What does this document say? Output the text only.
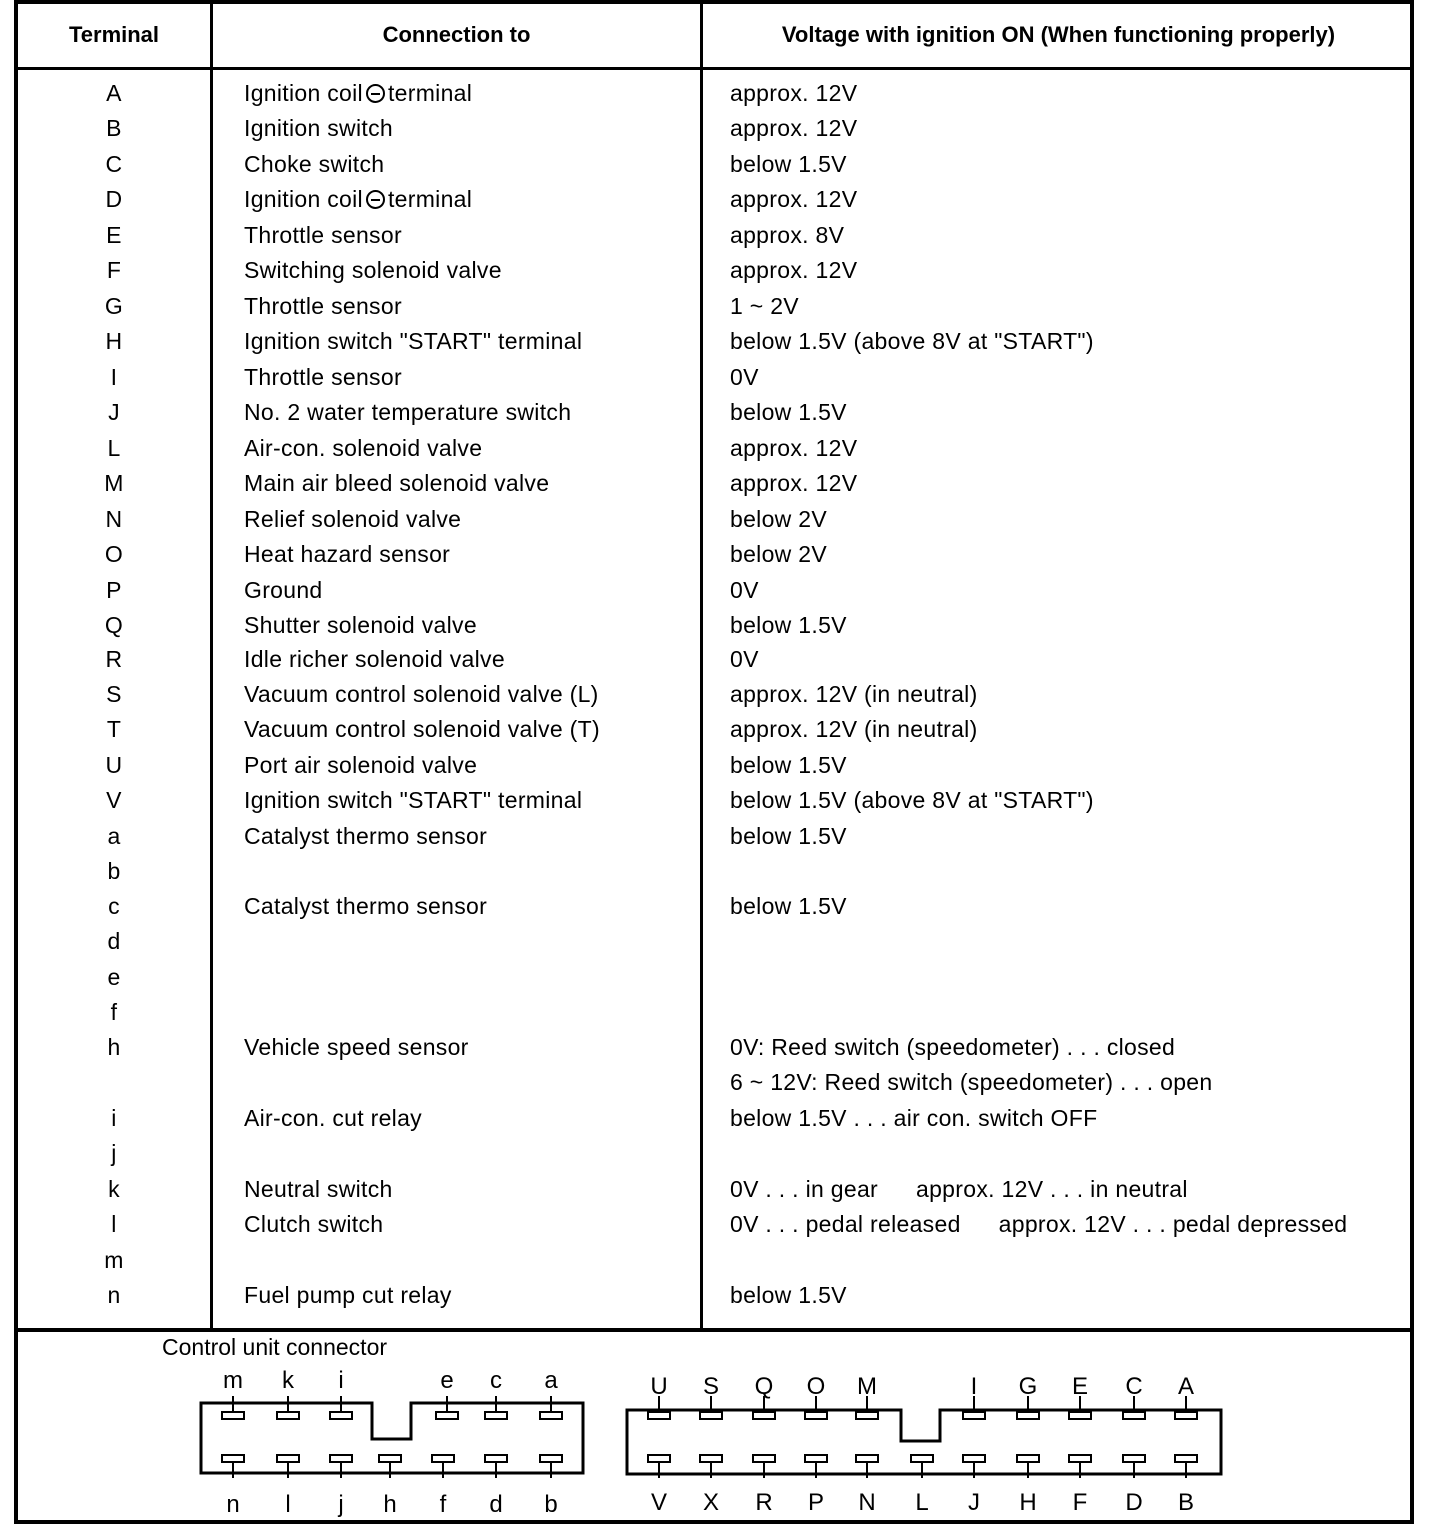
Terminal	Connection to	Voltage with ignition ON (When functioning properly)
A	Ignition coil terminal	approx. 12V
B	Ignition switch	approx. 12V
C	Choke switch	below 1.5V
D	Ignition coil terminal	approx. 12V
E	Throttle sensor	approx. 8V
F	Switching solenoid valve	approx. 12V
G	Throttle sensor	1 ~ 2V
H	Ignition switch "START" terminal	below 1.5V (above 8V at "START")
I	Throttle sensor	0V
J	No. 2 water temperature switch	below 1.5V
L	Air-con. solenoid valve	approx. 12V
M	Main air bleed solenoid valve	approx. 12V
N	Relief solenoid valve	below 2V
O	Heat hazard sensor	below 2V
P	Ground	0V
Q	Shutter solenoid valve	below 1.5V
R	Idle richer solenoid valve	0V
S	Vacuum control solenoid valve (L)	approx. 12V (in neutral)
T	Vacuum control solenoid valve (T)	approx. 12V (in neutral)
U	Port air solenoid valve	below 1.5V
V	Ignition switch "START" terminal	below 1.5V (above 8V at "START")
a	Catalyst thermo sensor	below 1.5V
b
c	Catalyst thermo sensor	below 1.5V
d
e
f
h	Vehicle speed sensor	0V: Reed switch (speedometer) . . . closed
6 ~ 12V: Reed switch (speedometer) . . . open
i	Air-con. cut relay	below 1.5V . . . air con. switch OFF
j
k	Neutral switch	0V . . . in gear approx. 12V . . . in neutral
l	Clutch switch	0V . . . pedal released approx. 12V . . . pedal depressed
m
n	Fuel pump cut relay	below 1.5V
Control unit connector
m k i	e c a
n l j h f d b
U S Q O M	I G E C A
V X R P N L J H F D B
